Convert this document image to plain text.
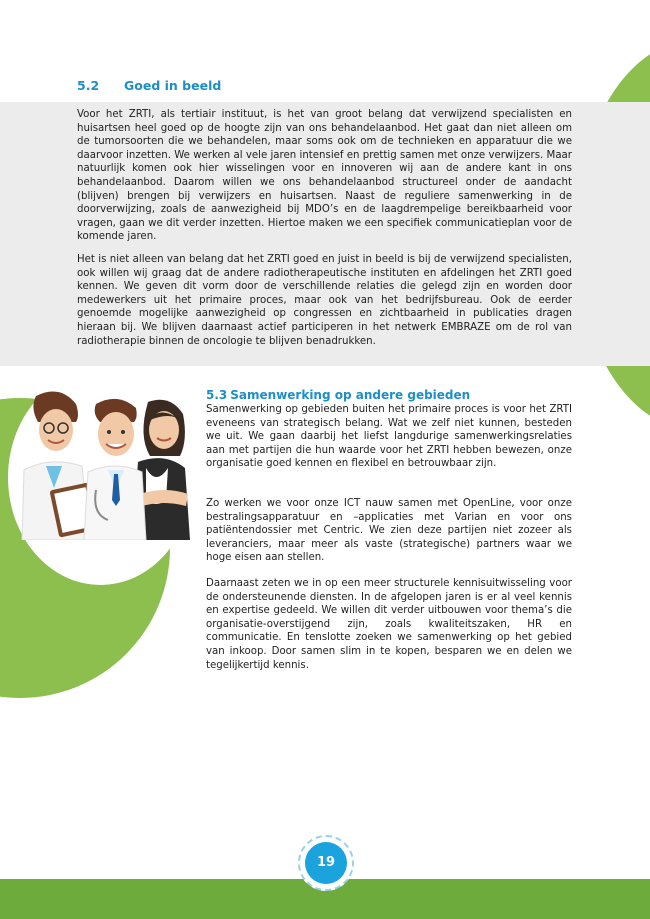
5.2 Goed in beeld

Voor het ZRTI, als tertiair instituut, is het van groot belang dat verwijzend specialisten en huisartsen heel goed op de hoogte zijn van ons behandelaanbod. Het gaat dan niet alleen om de tumorsoorten die we behandelen, maar soms ook om de technieken en apparatuur die we daarvoor inzetten. We werken al vele jaren intensief en prettig samen met onze verwijzers. Maar natuurlijk komen ook hier wisselingen voor en innoveren wij aan de andere kant in ons behandelaanbod. Daarom willen we ons behandelaanbod structureel onder de aandacht (blijven) brengen bij verwijzers en huisartsen. Naast de reguliere samenwerking in de doorverwijzing, zoals de aanwezigheid bij MDO’s en de laagdrempelige bereikbaarheid voor vragen, gaan we dit verder inzetten. Hiertoe maken we een specifiek communicatieplan voor de komende jaren.

Het is niet alleen van belang dat het ZRTI goed en juist in beeld is bij de verwijzend specialisten, ook willen wij graag dat de andere radiotherapeutische instituten en afdelingen het ZRTI goed kennen. We geven dit vorm door de verschillende relaties die gelegd zijn en worden door medewerkers uit het primaire proces, maar ook van het bedrijfsbureau. Ook de eerder genoemde mogelijke aanwezigheid op congressen en zichtbaarheid in publicaties dragen hieraan bij. We blijven daarnaast actief participeren in het netwerk EMBRAZE om de rol van radiotherapie binnen de oncologie te blijven benadrukken.

5.3 Samenwerking op andere gebieden

Samenwerking op gebieden buiten het primaire proces is voor het ZRTI eveneens van strategisch belang. Wat we zelf niet kunnen, besteden we uit. We gaan daarbij het liefst langdurige samenwerkingsrelaties aan met partijen die hun waarde voor het ZRTI hebben bewezen, onze organisatie goed kennen en flexibel en betrouwbaar zijn.

Zo werken we voor onze ICT nauw samen met OpenLine, voor onze bestralingsapparatuur en –applicaties met Varian en voor ons patiëntendossier met Centric. We zien deze partijen niet zozeer als leveranciers, maar meer als vaste (strategische) partners waar we hoge eisen aan stellen.

Daarnaast zeten we in op een meer structurele kennisuitwisseling voor de ondersteunende diensten. In de afgelopen jaren is er al veel kennis en expertise gedeeld. We willen dit verder uitbouwen voor thema’s die organisatie-overstijgend zijn, zoals kwaliteitszaken, HR en communicatie. En tenslotte zoeken we samenwerking op het gebied van inkoop. Door samen slim in te kopen, besparen we en delen we tegelijkertijd kennis.

19
